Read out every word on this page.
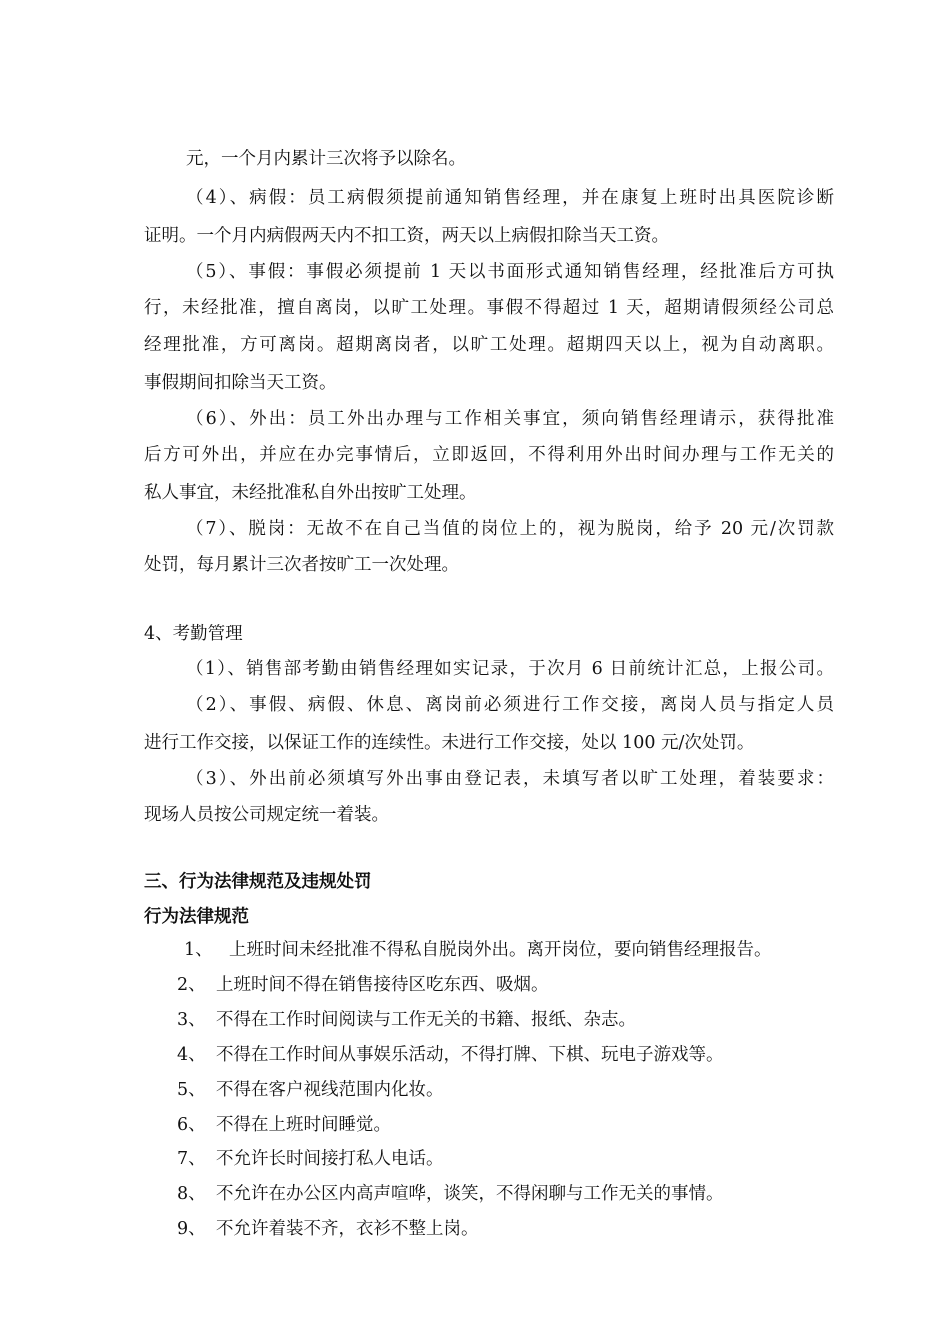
元，一个月内累计三次将予以除名。
（4）、病假：员工病假须提前通知销售经理，并在康复上班时出具医院诊断
证明。一个月内病假两天内不扣工资，两天以上病假扣除当天工资。
（5）、事假：事假必须提前 1 天以书面形式通知销售经理，经批准后方可执
行，未经批准，擅自离岗，以旷工处理。事假不得超过 1 天，超期请假须经公司总
经理批准，方可离岗。超期离岗者，以旷工处理。超期四天以上，视为自动离职。
事假期间扣除当天工资。
（6）、外出：员工外出办理与工作相关事宜，须向销售经理请示，获得批准
后方可外出，并应在办完事情后，立即返回，不得利用外出时间办理与工作无关的
私人事宜，未经批准私自外出按旷工处理。
（7）、脱岗：无故不在自己当值的岗位上的，视为脱岗，给予 20 元/次罚款
处罚，每月累计三次者按旷工一次处理。
4、考勤管理
（1）、销售部考勤由销售经理如实记录，于次月 6 日前统计汇总，上报公司。
（2）、事假、病假、休息、离岗前必须进行工作交接，离岗人员与指定人员
进行工作交接，以保证工作的连续性。未进行工作交接，处以 100 元/次处罚。
（3）、外出前必须填写外出事由登记表，未填写者以旷工处理，着装要求：
现场人员按公司规定统一着装。
三、行为法律规范及违规处罚
行为法律规范
1、 上班时间未经批准不得私自脱岗外出。离开岗位，要向销售经理报告。
2、 上班时间不得在销售接待区吃东西、吸烟。
3、 不得在工作时间阅读与工作无关的书籍、报纸、杂志。
4、 不得在工作时间从事娱乐活动，不得打牌、下棋、玩电子游戏等。
5、 不得在客户视线范围内化妆。
6、 不得在上班时间睡觉。
7、 不允许长时间接打私人电话。
8、 不允许在办公区内高声喧哗，谈笑，不得闲聊与工作无关的事情。
9、 不允许着装不齐，衣衫不整上岗。
